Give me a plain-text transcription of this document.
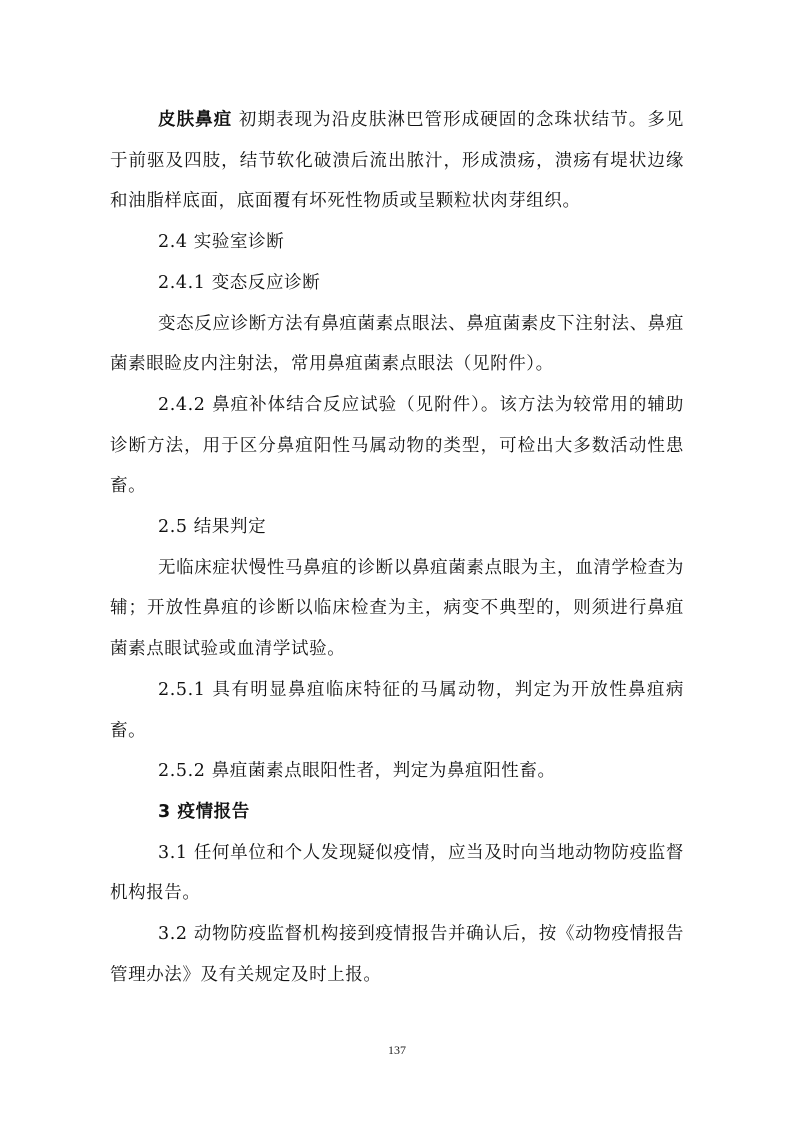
皮肤鼻疽 初期表现为沿皮肤淋巴管形成硬固的念珠状结节。多见于前驱及四肢，结节软化破溃后流出脓汁，形成溃疡，溃疡有堤状边缘和油脂样底面，底面覆有坏死性物质或呈颗粒状肉芽组织。

2.4 实验室诊断

2.4.1 变态反应诊断

变态反应诊断方法有鼻疽菌素点眼法、鼻疽菌素皮下注射法、鼻疽菌素眼睑皮内注射法，常用鼻疽菌素点眼法（见附件）。

2.4.2 鼻疽补体结合反应试验（见附件）。该方法为较常用的辅助诊断方法，用于区分鼻疽阳性马属动物的类型，可检出大多数活动性患畜。

2.5 结果判定

无临床症状慢性马鼻疽的诊断以鼻疽菌素点眼为主，血清学检查为辅；开放性鼻疽的诊断以临床检查为主，病变不典型的，则须进行鼻疽菌素点眼试验或血清学试验。

2.5.1 具有明显鼻疽临床特征的马属动物，判定为开放性鼻疽病畜。

2.5.2 鼻疽菌素点眼阳性者，判定为鼻疽阳性畜。

3 疫情报告

3.1 任何单位和个人发现疑似疫情，应当及时向当地动物防疫监督机构报告。

3.2 动物防疫监督机构接到疫情报告并确认后，按《动物疫情报告管理办法》及有关规定及时上报。

137
